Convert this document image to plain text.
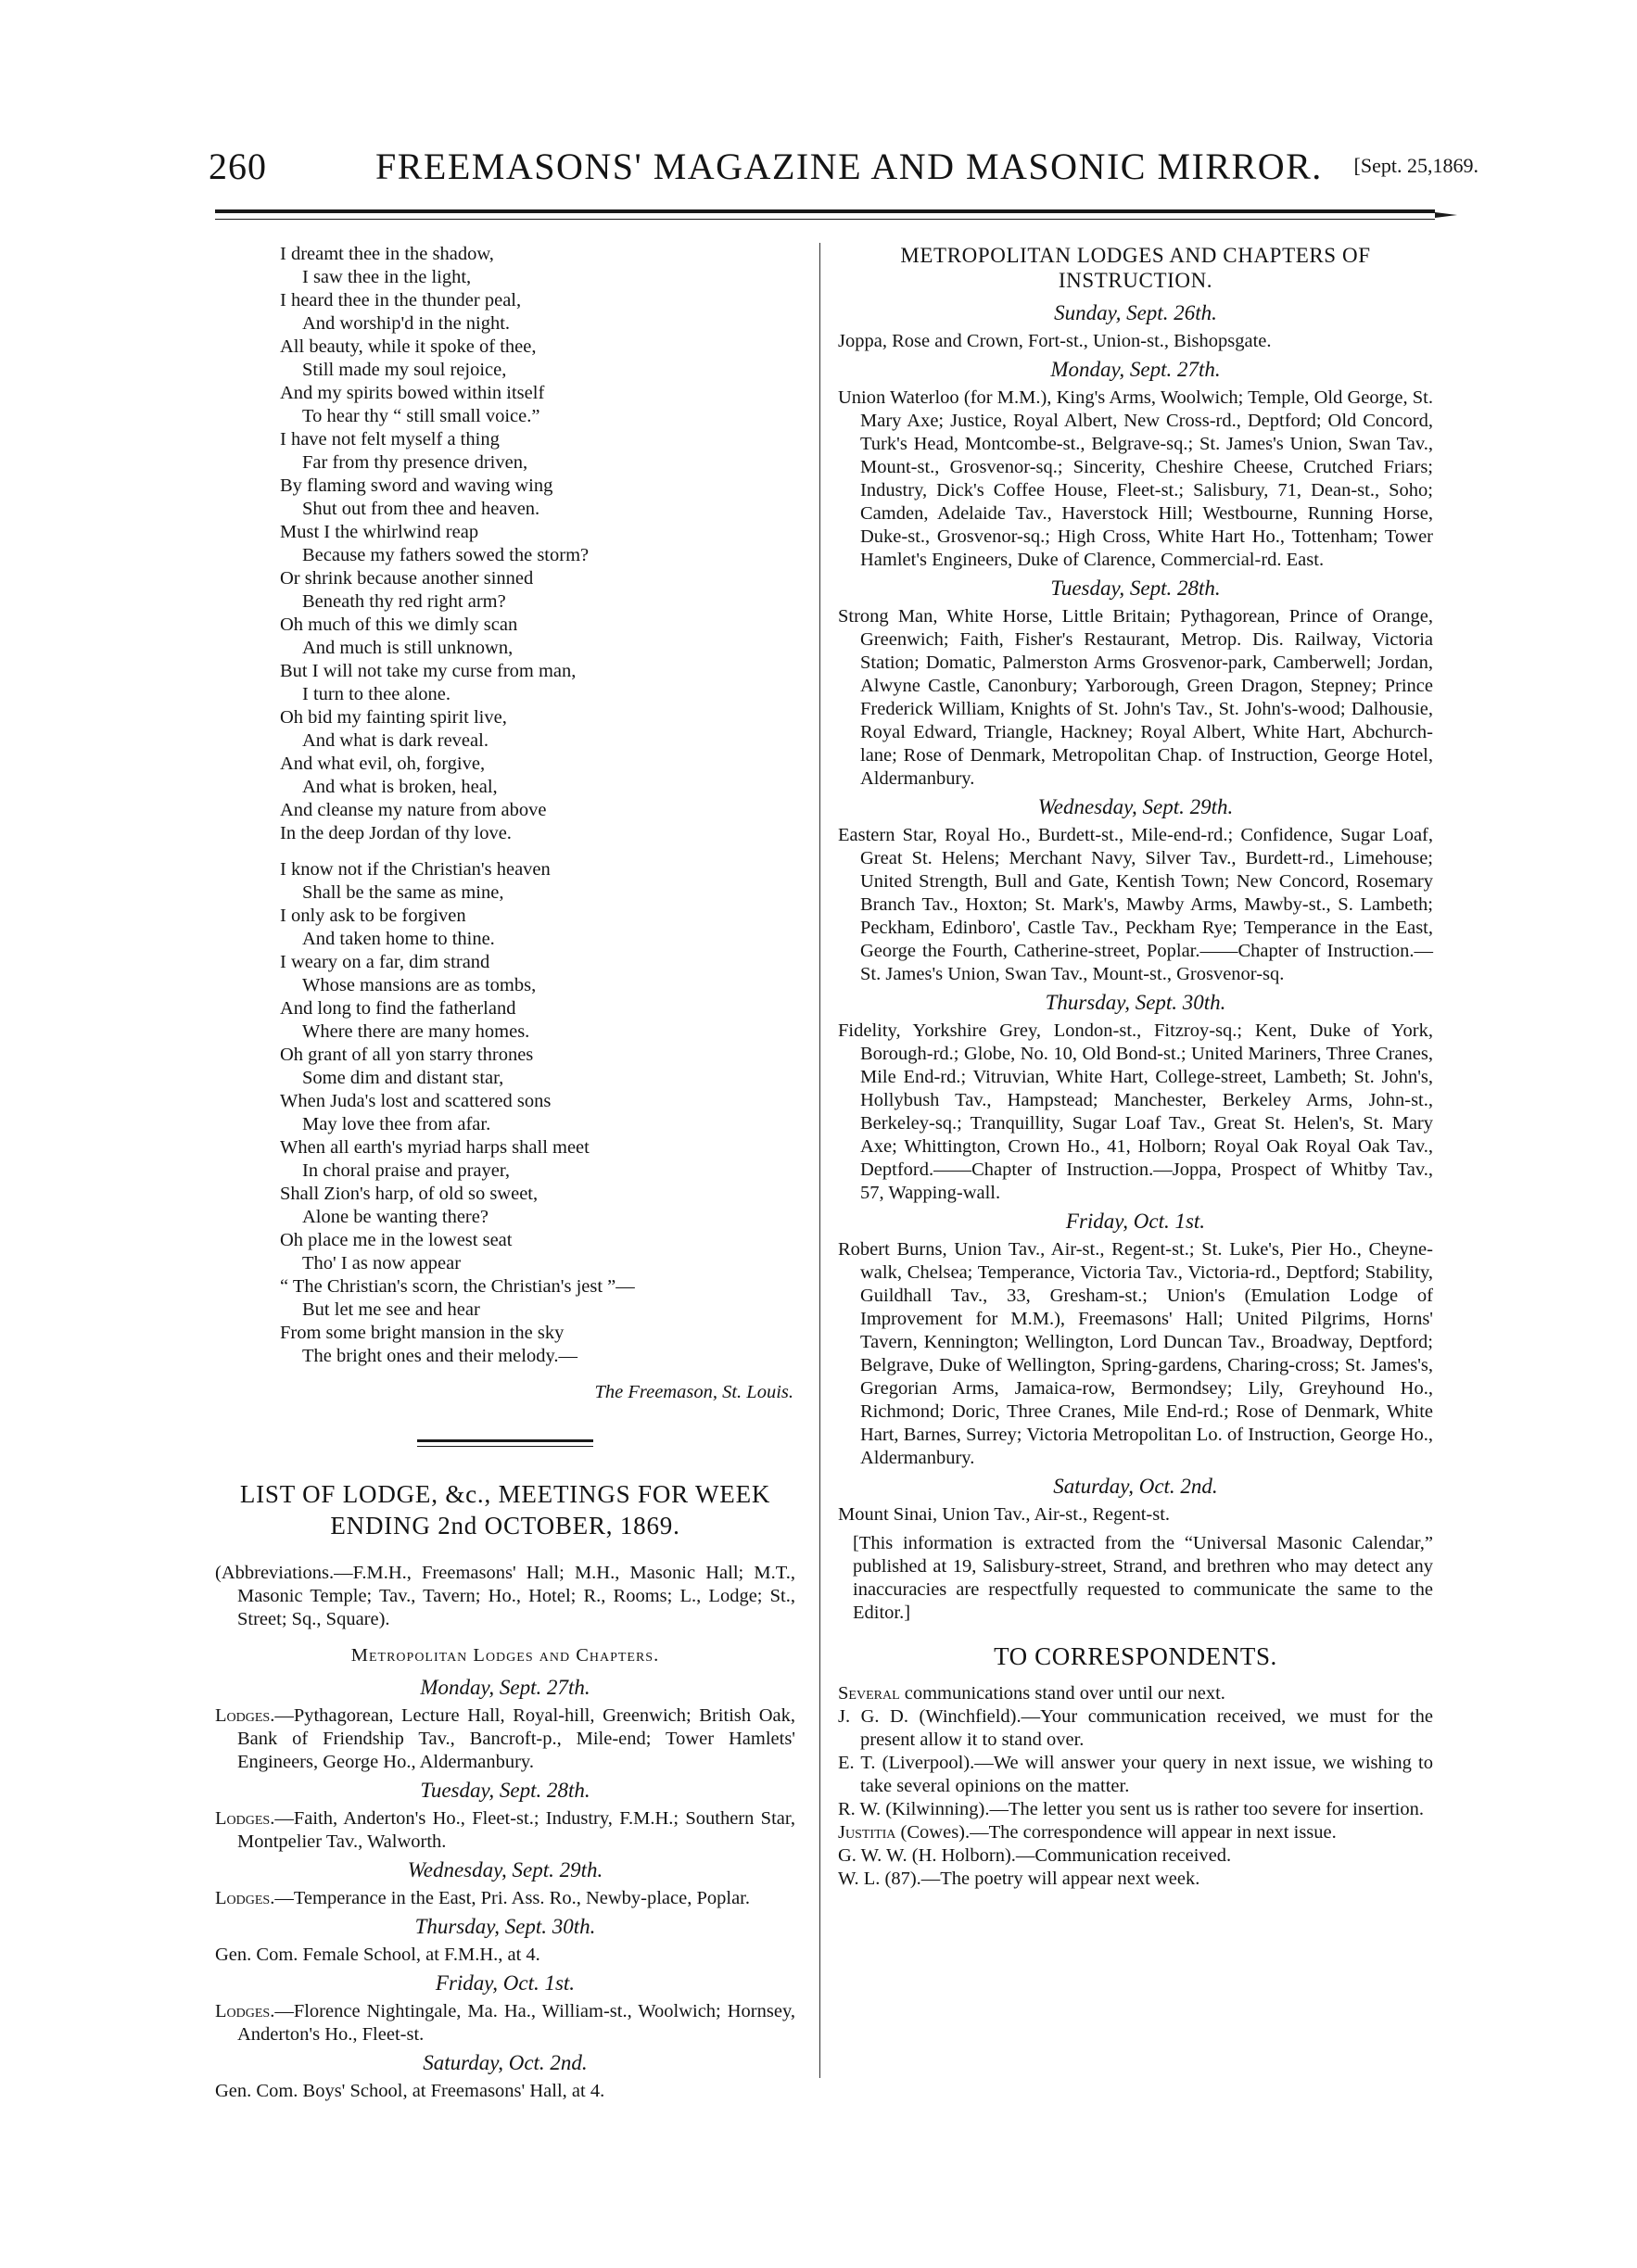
260	FREEMASONS' MAGAZINE AND MASONIC MIRROR. [Sept. 25,1869.
I dreamt thee in the shadow,
I saw thee in the light,
I heard thee in the thunder peal,
And worship'd in the night.
All beauty, while it spoke of thee,
Still made my soul rejoice,
And my spirits bowed within itself
To hear thy “ still small voice.”
I have not felt myself a thing
Far from thy presence driven,
By flaming sword and waving wing
Shut out from thee and heaven.
Must I the whirlwind reap
Because my fathers sowed the storm?
Or shrink because another sinned
Beneath thy red right arm?
Oh much of this we dimly scan
And much is still unknown,
But I will not take my curse from man,
I turn to thee alone.
Oh bid my fainting spirit live,
And what is dark reveal.
And what evil, oh, forgive,
And what is broken, heal,
And cleanse my nature from above
In the deep Jordan of thy love.
I know not if the Christian's heaven
Shall be the same as mine,
I only ask to be forgiven
And taken home to thine.
I weary on a far, dim strand
Whose mansions are as tombs,
And long to find the fatherland
Where there are many homes.
Oh grant of all yon starry thrones
Some dim and distant star,
When Juda's lost and scattered sons
May love thee from afar.
When all earth's myriad harps shall meet
In choral praise and prayer,
Shall Zion's harp, of old so sweet,
Alone be wanting there?
Oh place me in the lowest seat
Tho' I as now appear
“ The Christian's scorn, the Christian's jest ”—
But let me see and hear
From some bright mansion in the sky
The bright ones and their melody.—
The Freemason, St. Louis.
LIST OF LODGE, &c., MEETINGS FOR WEEK
ENDING 2nd OCTOBER, 1869.

(Abbreviations.—F.M.H., Freemasons' Hall; M.H., Masonic Hall; M.T., Masonic Temple; Tav., Tavern; Ho., Hotel; R., Rooms; L., Lodge; St., Street; Sq., Square).

Metropolitan Lodges and Chapters.
Monday, Sept. 27th.

Lodges.—Pythagorean, Lecture Hall, Royal-hill, Greenwich; British Oak, Bank of Friendship Tav., Bancroft-p., Mile-end; Tower Hamlets' Engineers, George Ho., Aldermanbury.

Tuesday, Sept. 28th.

Lodges.—Faith, Anderton's Ho., Fleet-st.; Industry, F.M.H.; Southern Star, Montpelier Tav., Walworth.

Wednesday, Sept. 29th.

Lodges.—Temperance in the East, Pri. Ass. Ro., Newby-place, Poplar.

Thursday, Sept. 30th.

Gen. Com. Female School, at F.M.H., at 4.

Friday, Oct. 1st.

Lodges.—Florence Nightingale, Ma. Ha., William-st., Woolwich; Hornsey, Anderton's Ho., Fleet-st.

Saturday, Oct. 2nd.

Gen. Com. Boys' School, at Freemasons' Hall, at 4.

METROPOLITAN LODGES AND CHAPTERS OF
INSTRUCTION.
Sunday, Sept. 26th.

Joppa, Rose and Crown, Fort-st., Union-st., Bishopsgate.

Monday, Sept. 27th.

Union Waterloo (for M.M.), King's Arms, Woolwich; Temple, Old George, St. Mary Axe; Justice, Royal Albert, New Cross-rd., Deptford; Old Concord, Turk's Head, Montcombe-st., Belgrave-sq.; St. James's Union, Swan Tav., Mount-st., Grosvenor-sq.; Sincerity, Cheshire Cheese, Crutched Friars; Industry, Dick's Coffee House, Fleet-st.; Salisbury, 71, Dean-st., Soho; Camden, Adelaide Tav., Haverstock Hill; Westbourne, Running Horse, Duke-st., Grosvenor-sq.; High Cross, White Hart Ho., Tottenham; Tower Hamlet's Engineers, Duke of Clarence, Commercial-rd. East.

Tuesday, Sept. 28th.

Strong Man, White Horse, Little Britain; Pythagorean, Prince of Orange, Greenwich; Faith, Fisher's Restaurant, Metrop. Dis. Railway, Victoria Station; Domatic, Palmerston Arms Grosvenor-park, Camberwell; Jordan, Alwyne Castle, Canonbury; Yarborough, Green Dragon, Stepney; Prince Frederick William, Knights of St. John's Tav., St. John's-wood; Dalhousie, Royal Edward, Triangle, Hackney; Royal Albert, White Hart, Abchurch-lane; Rose of Denmark, Metropolitan Chap. of Instruction, George Hotel, Aldermanbury.

Wednesday, Sept. 29th.

Eastern Star, Royal Ho., Burdett-st., Mile-end-rd.; Confidence, Sugar Loaf, Great St. Helens; Merchant Navy, Silver Tav., Burdett-rd., Limehouse; United Strength, Bull and Gate, Kentish Town; New Concord, Rosemary Branch Tav., Hoxton; St. Mark's, Mawby Arms, Mawby-st., S. Lambeth; Peckham, Edinboro', Castle Tav., Peckham Rye; Temperance in the East, George the Fourth, Catherine-street, Poplar.——Chapter of Instruction.—St. James's Union, Swan Tav., Mount-st., Grosvenor-sq.

Thursday, Sept. 30th.

Fidelity, Yorkshire Grey, London-st., Fitzroy-sq.; Kent, Duke of York, Borough-rd.; Globe, No. 10, Old Bond-st.; United Mariners, Three Cranes, Mile End-rd.; Vitruvian, White Hart, College-street, Lambeth; St. John's, Hollybush Tav., Hampstead; Manchester, Berkeley Arms, John-st., Berkeley-sq.; Tranquillity, Sugar Loaf Tav., Great St. Helen's, St. Mary Axe; Whittington, Crown Ho., 41, Holborn; Royal Oak Royal Oak Tav., Deptford.——Chapter of Instruction.—Joppa, Prospect of Whitby Tav., 57, Wapping-wall.

Friday, Oct. 1st.

Robert Burns, Union Tav., Air-st., Regent-st.; St. Luke's, Pier Ho., Cheyne-walk, Chelsea; Temperance, Victoria Tav., Victoria-rd., Deptford; Stability, Guildhall Tav., 33, Gresham-st.; Union's (Emulation Lodge of Improvement for M.M.), Freemasons' Hall; United Pilgrims, Horns' Tavern, Kennington; Wellington, Lord Duncan Tav., Broadway, Deptford; Belgrave, Duke of Wellington, Spring-gardens, Charing-cross; St. James's, Gregorian Arms, Jamaica-row, Bermondsey; Lily, Greyhound Ho., Richmond; Doric, Three Cranes, Mile End-rd.; Rose of Denmark, White Hart, Barnes, Surrey; Victoria Metropolitan Lo. of Instruction, George Ho., Aldermanbury.

Saturday, Oct. 2nd.

Mount Sinai, Union Tav., Air-st., Regent-st.

[This information is extracted from the “Universal Masonic Calendar,” published at 19, Salisbury-street, Strand, and brethren who may detect any inaccuracies are respectfully requested to communicate the same to the Editor.]

TO CORRESPONDENTS.

Several communications stand over until our next.

J. G. D. (Winchfield).—Your communication received, we must for the present allow it to stand over.

E. T. (Liverpool).—We will answer your query in next issue, we wishing to take several opinions on the matter.

R. W. (Kilwinning).—The letter you sent us is rather too severe for insertion.

Justitia (Cowes).—The correspondence will appear in next issue.

G. W. W. (H. Holborn).—Communication received.

W. L. (87).—The poetry will appear next week.
